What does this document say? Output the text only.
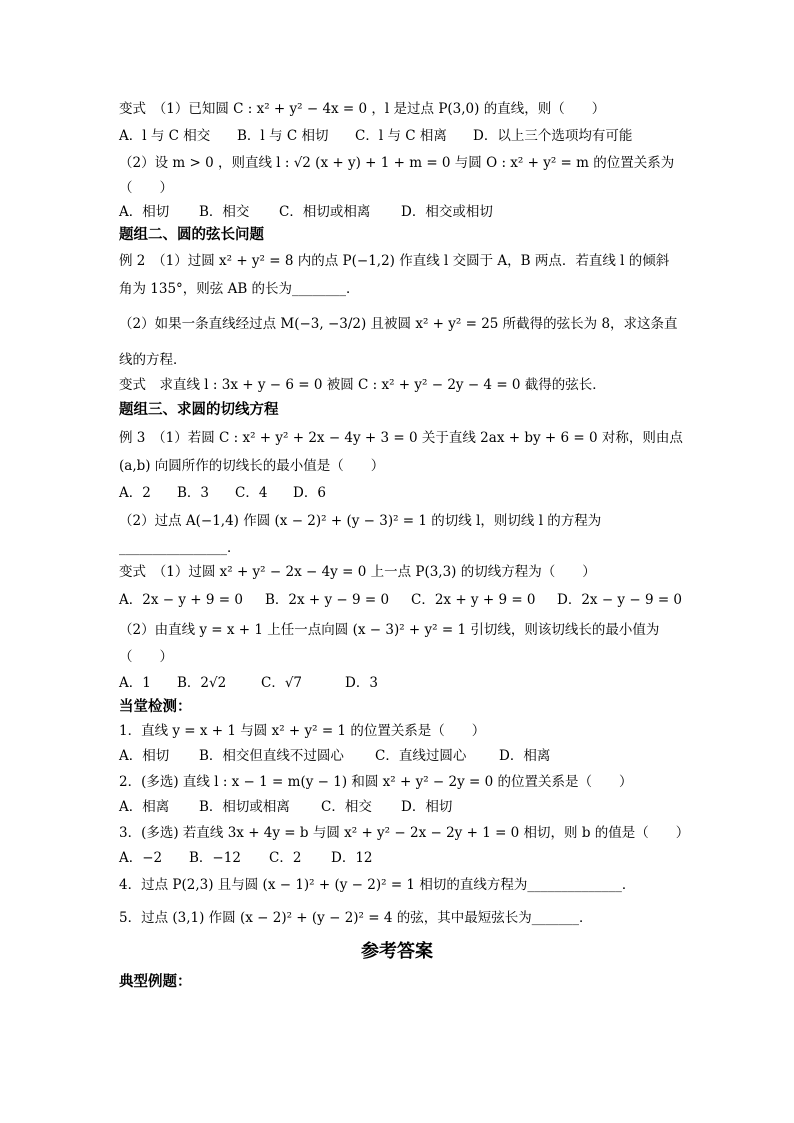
变式　（1）已知圆 C : x² + y² − 4x = 0 ，l 是过点 P(3,0) 的直线，则（　　）
A．l 与 C 相交 B．l 与 C 相切 C．l 与 C 相离 D．以上三个选项均有可能
（2）设 m > 0 ，则直线 l : √2 (x + y) + 1 + m = 0 与圆 O : x² + y² = m 的位置关系为
（　　）
A．相切 B．相交 C．相切或相离 D．相交或相切
题组二、圆的弦长问题
例 2　（1）过圆 x² + y² = 8 内的点 P(−1,2) 作直线 l 交圆于 A，B 两点．若直线 l 的倾斜
角为 135°，则弦 AB 的长为________．
（2）如果一条直线经过点 M(−3, −3/2) 且被圆 x² + y² = 25 所截得的弦长为 8，求这条直
线的方程．
变式　求直线 l : 3x + y − 6 = 0 被圆 C : x² + y² − 2y − 4 = 0 截得的弦长．
题组三、求圆的切线方程
例 3　（1）若圆 C : x² + y² + 2x − 4y + 3 = 0 关于直线 2ax + by + 6 = 0 对称，则由点
(a,b) 向圆所作的切线长的最小值是（　　）
A．2 B．3 C．4 D．6
（2）过点 A(−1,4) 作圆 (x − 2)² + (y − 3)² = 1 的切线 l，则切线 l 的方程为
________________．
变式　（1）过圆 x² + y² − 2x − 4y = 0 上一点 P(3,3) 的切线方程为（　　）
A．2x − y + 9 = 0 B．2x + y − 9 = 0 C．2x + y + 9 = 0 D．2x − y − 9 = 0
（2）由直线 y = x + 1 上任一点向圆 (x − 3)² + y² = 1 引切线，则该切线长的最小值为
（　　）
A．1 B．2√2	C．√7	D．3
当堂检测：
1．直线 y = x + 1 与圆 x² + y² = 1 的位置关系是（　　）
A．相切 B．相交但直线不过圆心 C．直线过圆心 D．相离
2．(多选) 直线 l : x − 1 = m(y − 1) 和圆 x² + y² − 2y = 0 的位置关系是（　　）
A．相离 B．相切或相离 C．相交 D．相切
3．(多选) 若直线 3x + 4y = b 与圆 x² + y² − 2x − 2y + 1 = 0 相切，则 b 的值是（　　）
A．−2 B．−12 C．2 D．12
4．过点 P(2,3) 且与圆 (x − 1)² + (y − 2)² = 1 相切的直线方程为______________．
5．过点 (3,1) 作圆 (x − 2)² + (y − 2)² = 4 的弦，其中最短弦长为_______．
参考答案
典型例题：
